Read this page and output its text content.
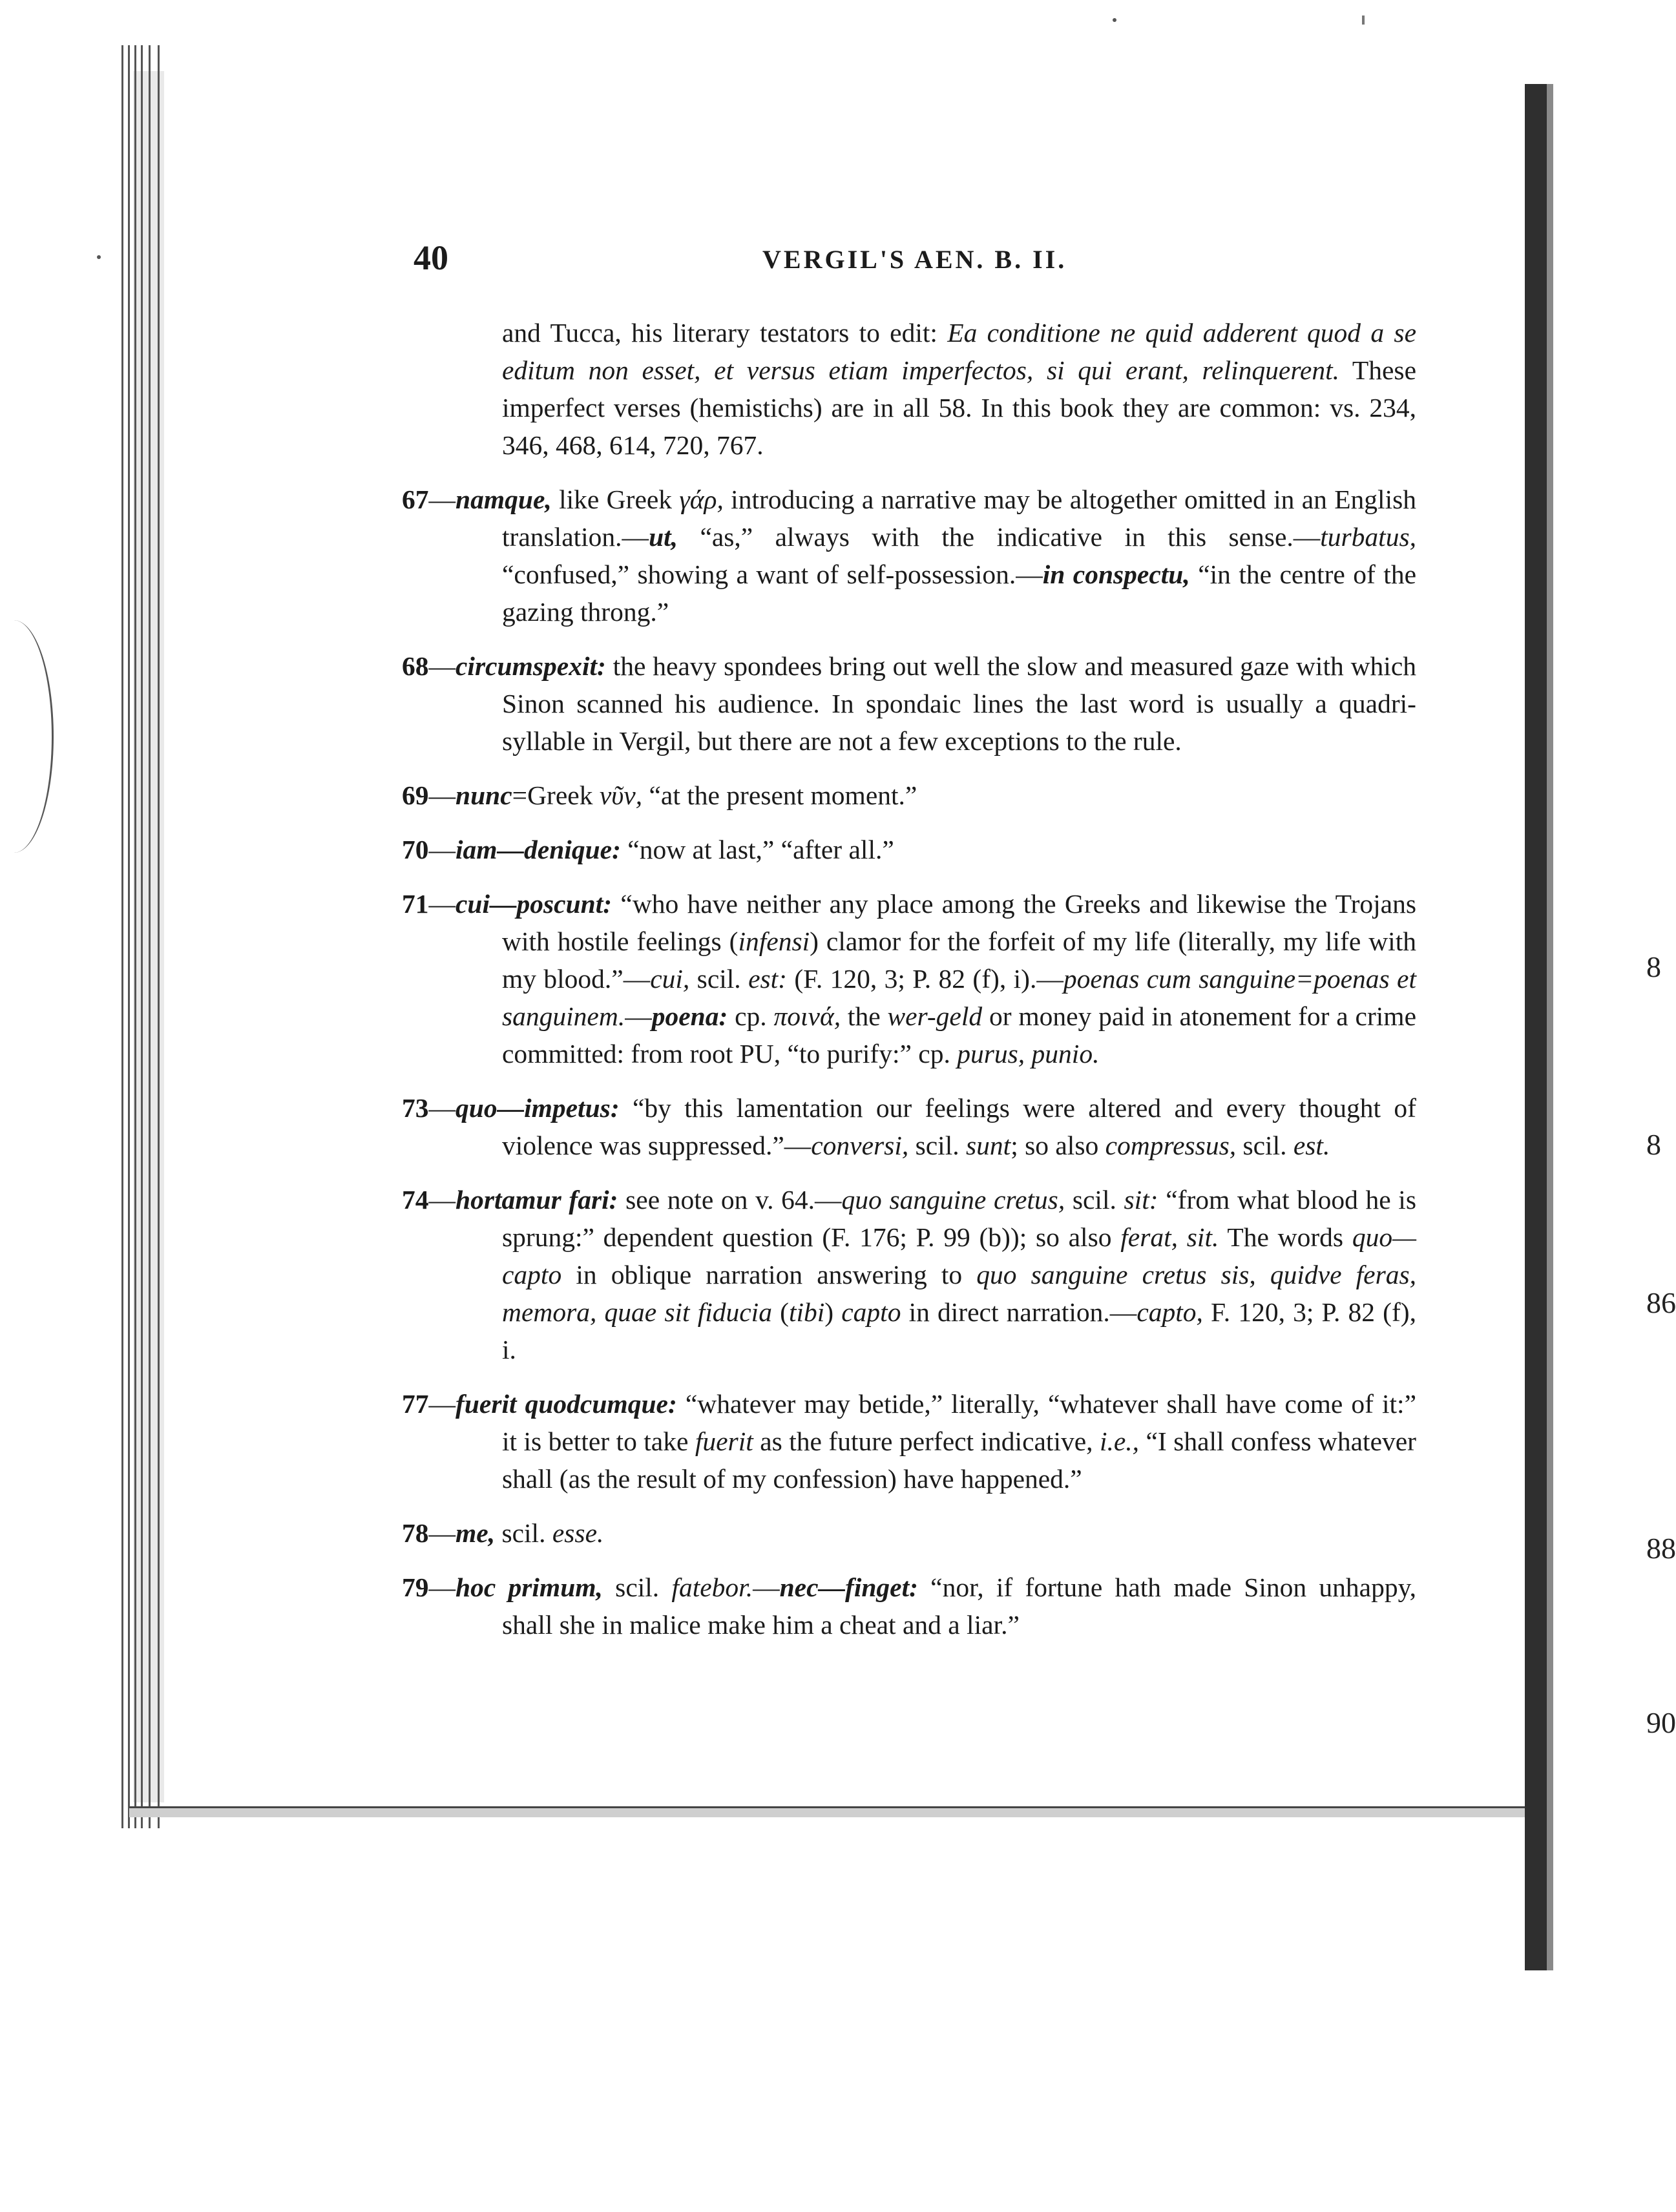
40	VERGIL'S AEN. B. II.

and Tucca, his literary testators to edit: Ea conditione ne quid adderent quod a se editum non esset, et versus etiam imperfectos, si qui erant, relinquerent. These imperfect verses (hemistichs) are in all 58. In this book they are common: vs. 234, 346, 468, 614, 720, 767.

67—namque, like Greek γάρ, introducing a narrative may be altogether omitted in an English translation.—ut, “as,” always with the indicative in this sense.—turbatus, “confused,” showing a want of self-possession.—in conspectu, “in the centre of the gazing throng.”

68—circumspexit: the heavy spondees bring out well the slow and measured gaze with which Sinon scanned his audience. In spondaic lines the last word is usually a quadri-syllable in Vergil, but there are not a few exceptions to the rule.

69—nunc=Greek νῦν, “at the present moment.”

70—iam—denique: “now at last,” “after all.”

71—cui—poscunt: “who have neither any place among the Greeks and likewise the Trojans with hostile feelings (infensi) clamor for the forfeit of my life (literally, my life with my blood.”—cui, scil. est: (F. 120, 3; P. 82 (f), i).—poenas cum sanguine=poenas et sanguinem.—poena: cp. ποινά, the wer-geld or money paid in atonement for a crime committed: from root PU, “to purify:” cp. purus, punio.

73—quo—impetus: “by this lamentation our feelings were altered and every thought of violence was suppressed.”—conversi, scil. sunt; so also compressus, scil. est.

74—hortamur fari: see note on v. 64.—quo sanguine cretus, scil. sit: “from what blood he is sprung:” dependent question (F. 176; P. 99 (b)); so also ferat, sit. The words quo—capto in oblique narration answering to quo sanguine cretus sis, quidve feras, memora, quae sit fiducia (tibi) capto in direct narration.—capto, F. 120, 3; P. 82 (f), i.

77—fuerit quodcumque: “whatever may betide,” literally, “whatever shall have come of it:” it is better to take fuerit as the future perfect indicative, i.e., “I shall confess whatever shall (as the result of my confession) have happened.”

78—me, scil. esse.

79—hoc primum, scil. fatebor.—nec—finget: “nor, if fortune hath made Sinon unhappy, shall she in malice make him a cheat and a liar.”

8
8
86
88
90
